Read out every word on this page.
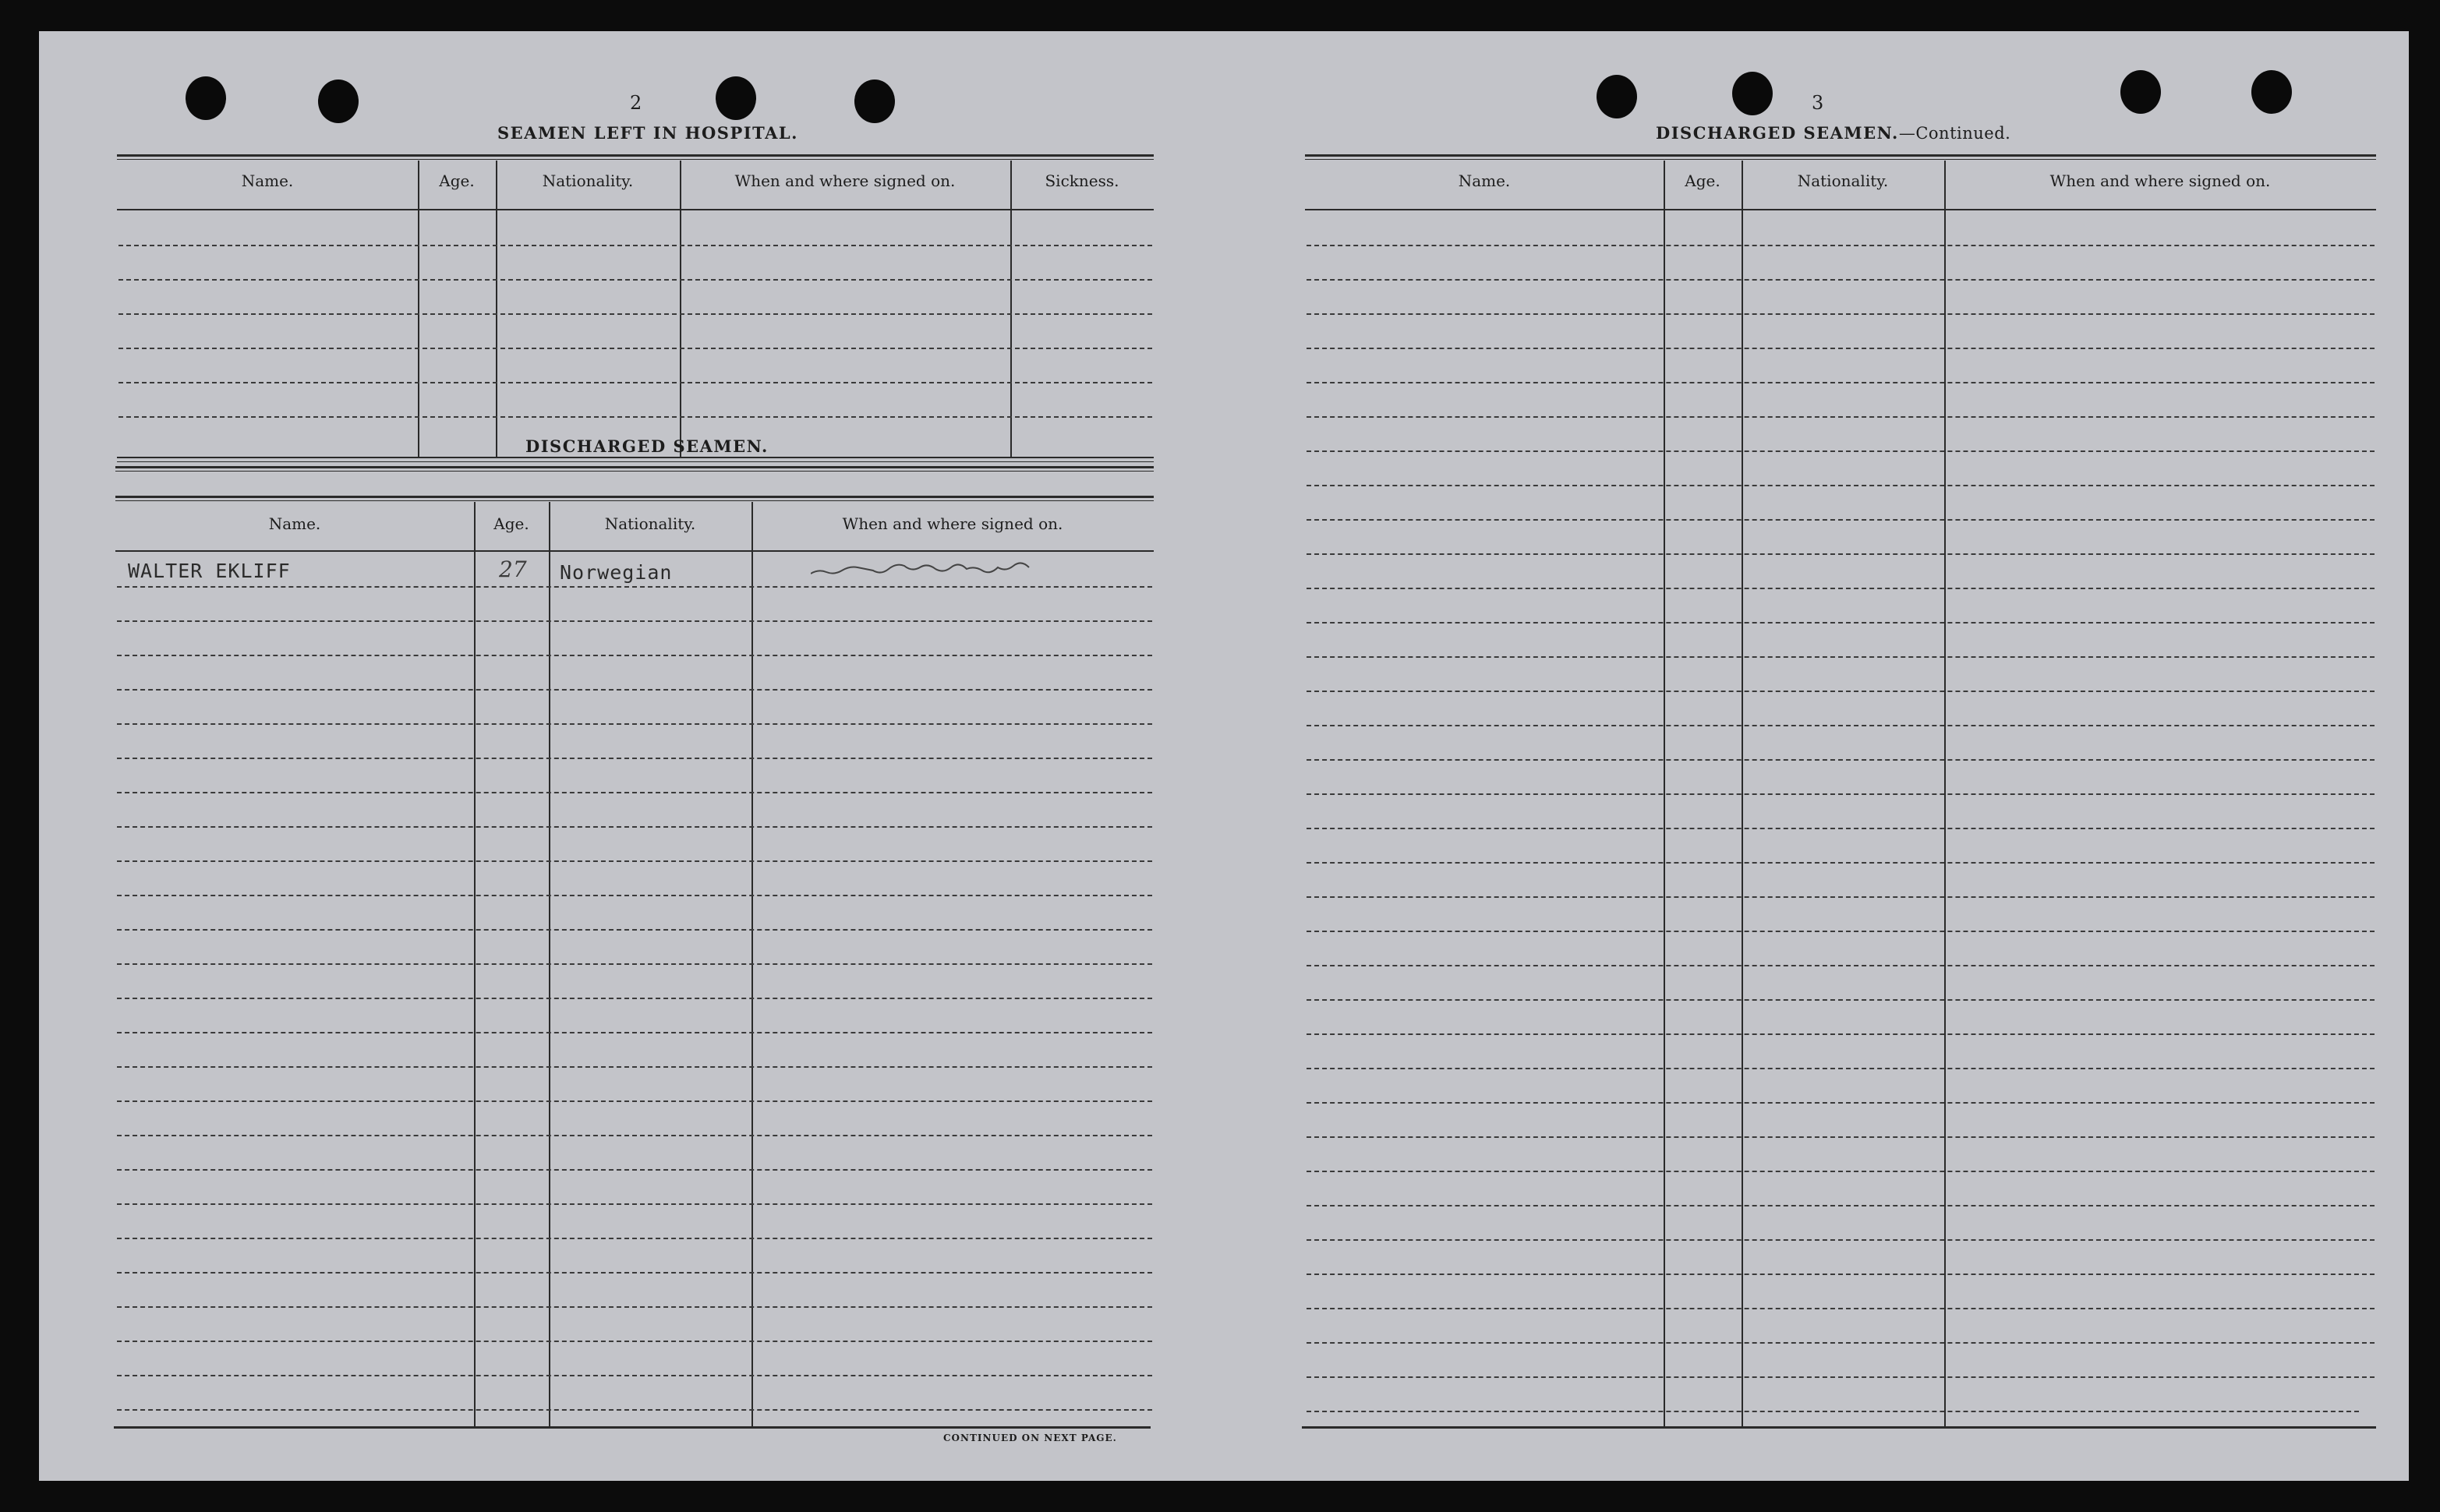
2
SEAMEN LEFT IN HOSPITAL.
Name.	Age.	Nationality.	When and where signed on.	Sickness.
DISCHARGED SEAMEN.
Name.	Age.	Nationality.	When and where signed on.
WALTER EKLIFF	27 Norwegian
CONTINUED ON NEXT PAGE.
3
DISCHARGED SEAMEN.—Continued.
Name.	Age.	Nationality.	When and where signed on.
